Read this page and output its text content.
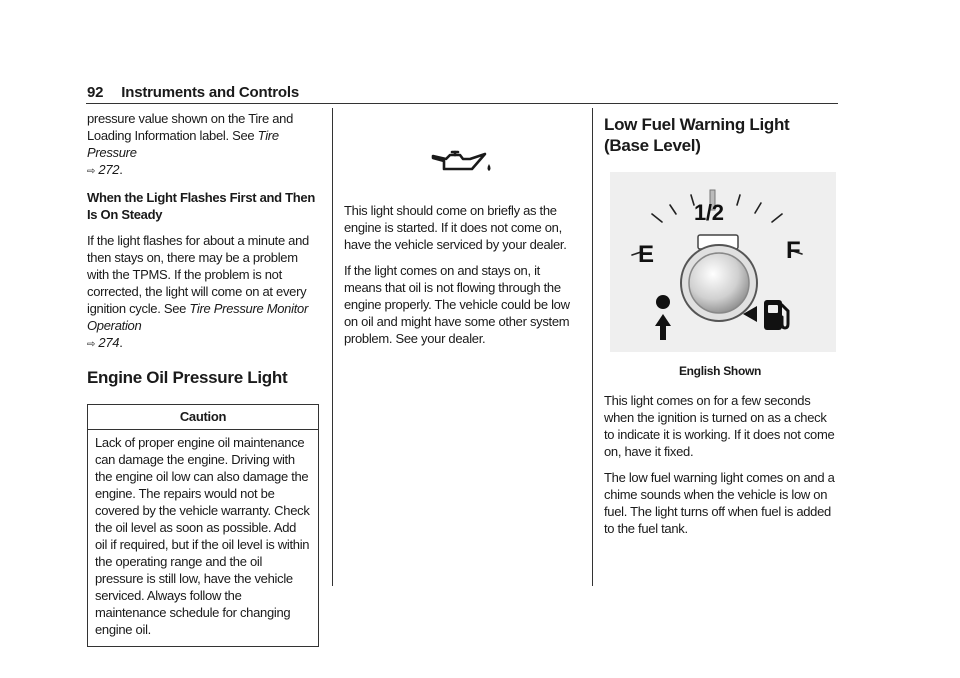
92 Instruments and Controls

pressure value shown on the Tire and Loading Information label. See Tire Pressure
⇨ 272.

When the Light Flashes First and Then Is On Steady

If the light flashes for about a minute and then stays on, there may be a problem with the TPMS. If the problem is not corrected, the light will come on at every ignition cycle. See Tire Pressure Monitor Operation
⇨ 274.

Engine Oil Pressure Light
Caution
Lack of proper engine oil maintenance can damage the engine. Driving with the engine oil low can also damage the engine. The repairs would not be covered by the vehicle warranty. Check the oil level as soon as possible. Add oil if required, but if the oil level is within the operating range and the oil pressure is still low, have the vehicle serviced. Always follow the maintenance schedule for changing engine oil.

This light should come on briefly as the engine is started. If it does not come on, have the vehicle serviced by your dealer.

If the light comes on and stays on, it means that oil is not flowing through the engine properly. The vehicle could be low on oil and might have some other system problem. See your dealer.

Low Fuel Warning Light (Base Level)
E
1/2
F
English Shown

This light comes on for a few seconds when the ignition is turned on as a check to indicate it is working. If it does not come on, have it fixed.

The low fuel warning light comes on and a chime sounds when the vehicle is low on fuel. The light turns off when fuel is added to the fuel tank.
